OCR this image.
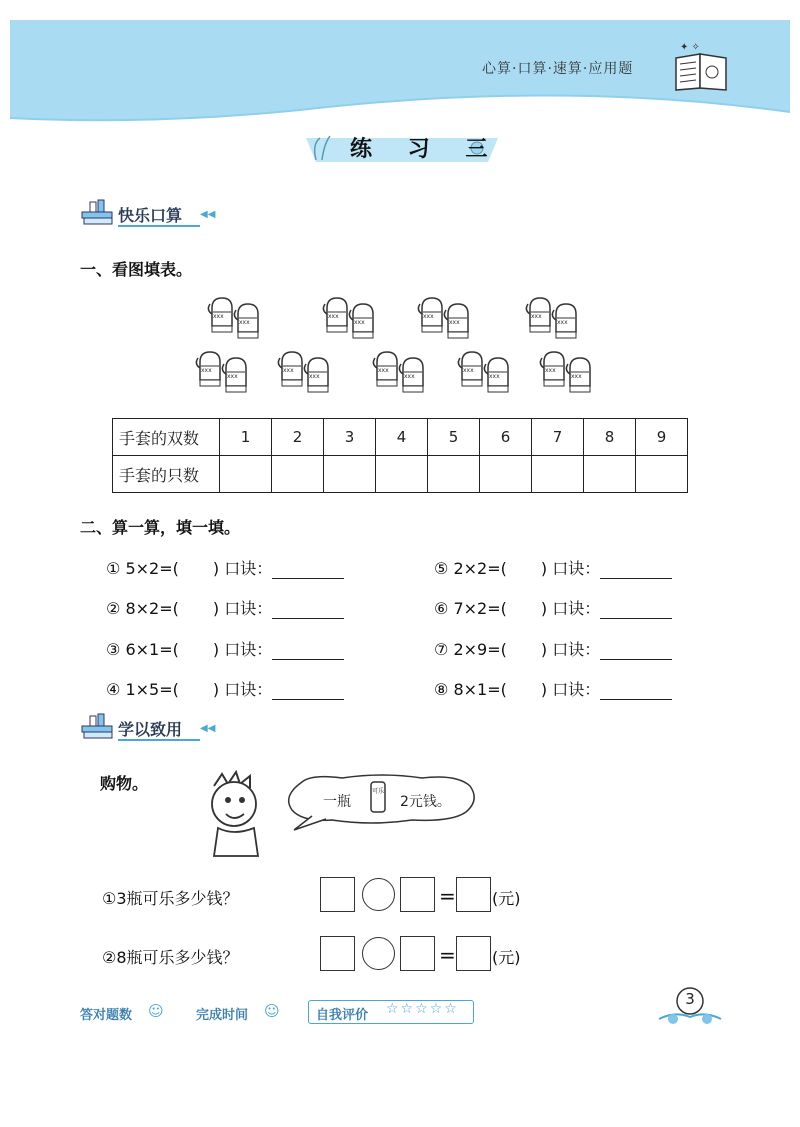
心算·口算·速算·应用题
✦ ✧
练 习 三
快乐口算 ◀◀
一、看图填表。
xxx
手套的双数	1	2	3	4	5	6	7	8	9
手套的只数									
二、算一算，填一填。
① 5×2=( ) 口诀：
② 8×2=( ) 口诀：
③ 6×1=( ) 口诀：
④ 1×5=( ) 口诀：
⑤ 2×2=( ) 口诀：
⑥ 7×2=( ) 口诀：
⑦ 2×9=( ) 口诀：
⑧ 8×1=( ) 口诀：
学以致用 ◀◀
购物。
一瓶
可乐
2元钱。
①3瓶可乐多少钱？	= (元)
②8瓶可乐多少钱？	= (元)
答对题数 ☺ 完成时间 ☺	自我评价 ☆☆☆☆☆
3
